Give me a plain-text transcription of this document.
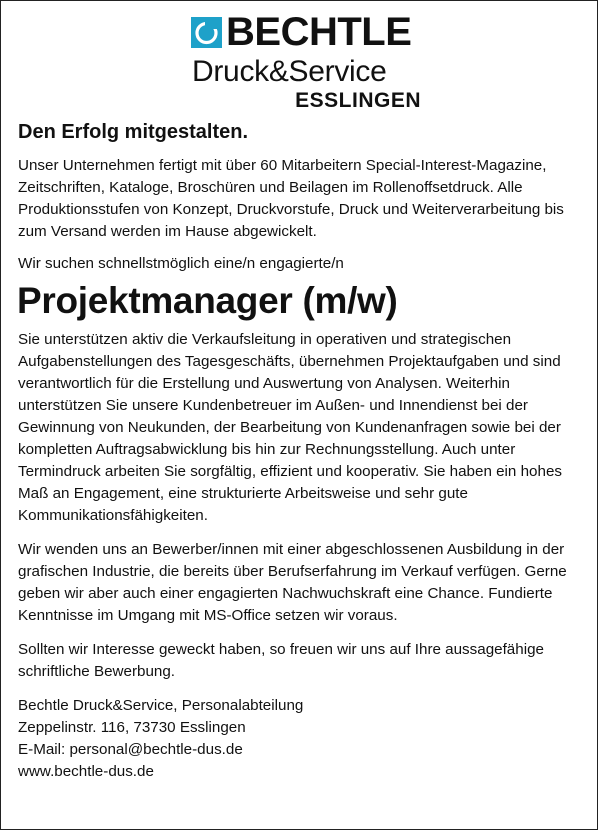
BECHTLE
Druck&Service
ESSLINGEN
Den Erfolg mitgestalten.

Unser Unternehmen fertigt mit über 60 Mitarbeitern Special-Interest-Magazine, Zeitschriften, Kataloge, Broschüren und Beilagen im Rollenoffsetdruck. Alle Produktionsstufen von Konzept, Druckvorstufe, Druck und Weiterverarbeitung bis zum Versand werden im Hause abgewickelt.

Wir suchen schnellstmöglich eine/n engagierte/n

Projektmanager (m/w)

Sie unterstützen aktiv die Verkaufsleitung in operativen und strategischen Aufgabenstellungen des Tagesgeschäfts, übernehmen Projektaufgaben und sind verantwortlich für die Erstellung und Auswertung von Analysen. Weiterhin unterstützen Sie unsere Kundenbetreuer im Außen- und Innendienst bei der Gewinnung von Neukunden, der Bearbeitung von Kundenanfragen sowie bei der kompletten Auftragsabwicklung bis hin zur Rechnungsstellung. Auch unter Termindruck arbeiten Sie sorgfältig, effizient und kooperativ. Sie haben ein hohes Maß an Engagement, eine strukturierte Arbeitsweise und sehr gute Kommunikationsfähigkeiten.

Wir wenden uns an Bewerber/innen mit einer abgeschlossenen Ausbildung in der grafischen Industrie, die bereits über Berufserfahrung im Verkauf verfügen. Gerne geben wir aber auch einer engagierten Nachwuchskraft eine Chance. Fundierte Kenntnisse im Umgang mit MS-Office setzen wir voraus.

Sollten wir Interesse geweckt haben, so freuen wir uns auf Ihre aussagefähige schriftliche Bewerbung.

Bechtle Druck&Service, Personalabteilung
Zeppelinstr. 116, 73730 Esslingen
E-Mail: personal@bechtle-dus.de
www.bechtle-dus.de
